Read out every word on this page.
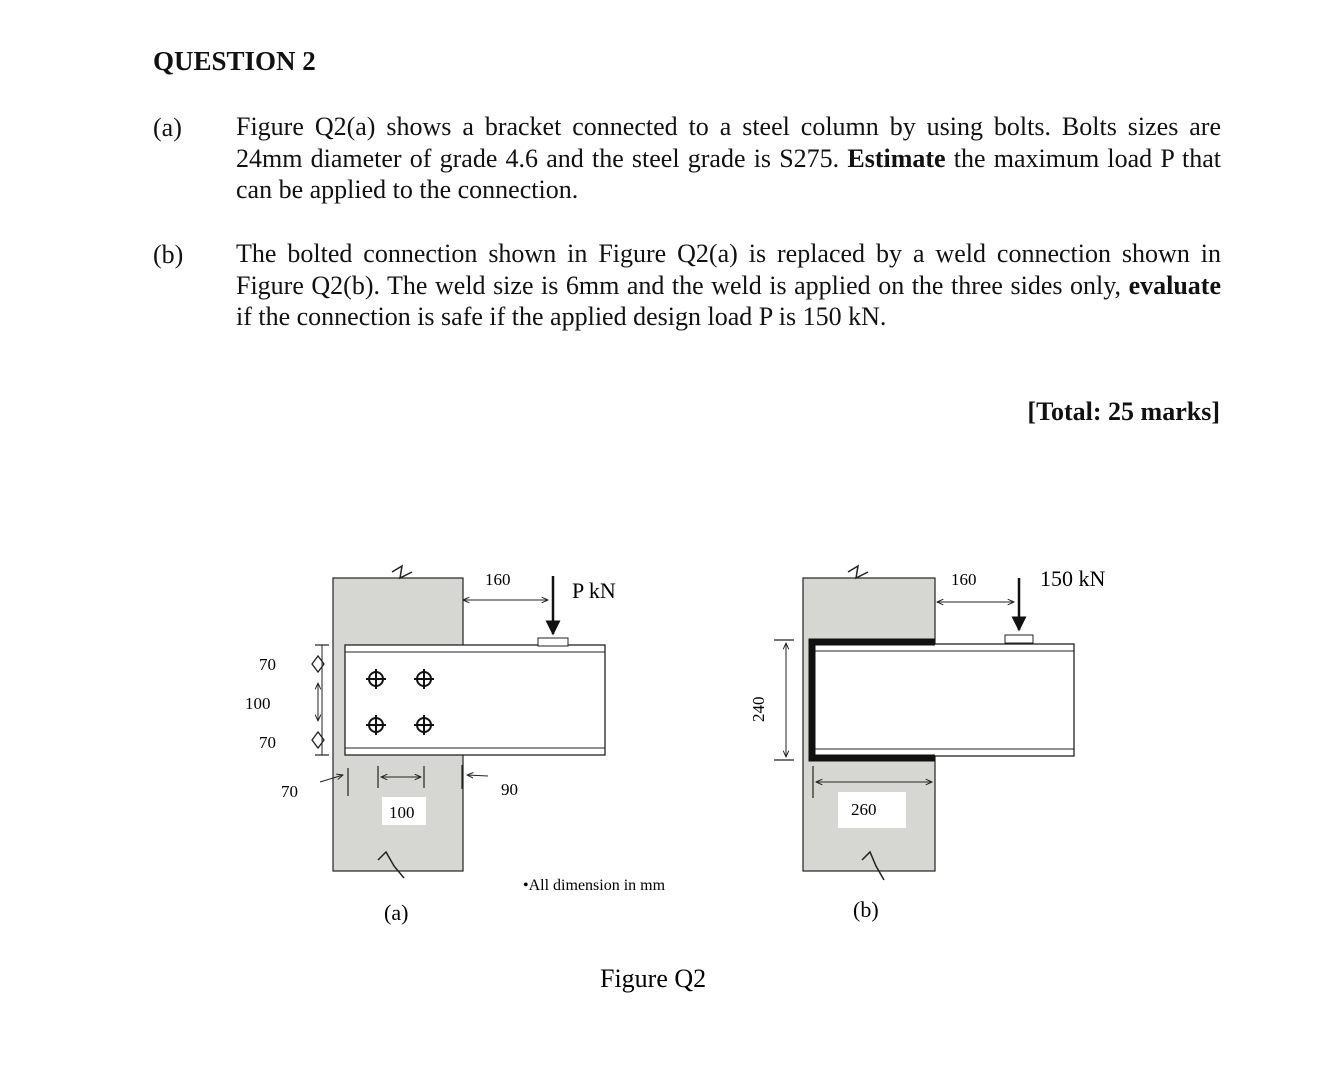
QUESTION 2
(a) Figure Q2(a) shows a bracket connected to a steel column by using bolts. Bolts sizes are 24mm diameter of grade 4.6 and the steel grade is S275. Estimate the maximum load P that can be applied to the connection.
(b) The bolted connection shown in Figure Q2(a) is replaced by a weld connection shown in Figure Q2(b). The weld size is 6mm and the weld is applied on the three sides only, evaluate if the connection is safe if the applied design load P is 150 kN.
[Total: 25 marks]
P kN
160
70
100
70
70
100
90
(a)
•All dimension in mm
150 kN
160
240
260
(b)
Figure Q2
